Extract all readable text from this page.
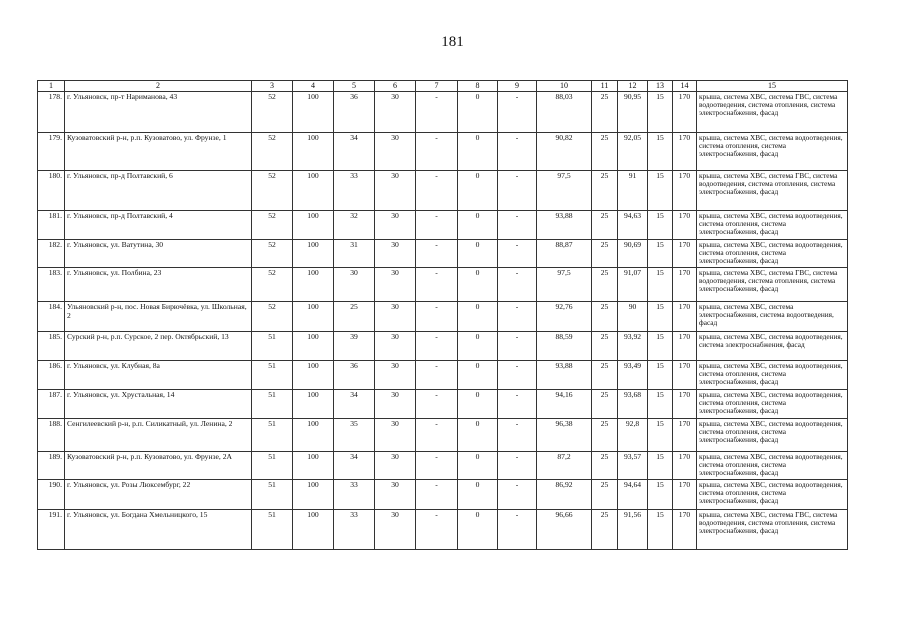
181
1	2	3	4	5	6	7	8	9	10	11	12	13	14	15
178.	г. Ульяновск, пр-т Нариманова, 43	52	100	36	30	-	0	-	88,03	25	90,95	15	170	крыша, система ХВС, система ГВС, система водоотведения, система отопления, система электроснабжения, фасад
179.	Кузоватовский р-н, р.п. Кузоватово, ул. Фрунзе, 1	52	100	34	30	-	0	-	90,82	25	92,05	15	170	крыша, система ХВС, система водоотведения, система отопления, система электроснабжения, фасад
180.	г. Ульяновск, пр-д Полтавский, 6	52	100	33	30	-	0	-	97,5	25	91	15	170	крыша, система ХВС, система ГВС, система водоотведения, система отопления, система электроснабжения, фасад
181.	г. Ульяновск, пр-д Полтавский, 4	52	100	32	30	-	0	-	93,88	25	94,63	15	170	крыша, система ХВС, система водоотведения, система отопления, система электроснабжения, фасад
182.	г. Ульяновск, ул. Ватутина, 30	52	100	31	30	-	0	-	88,87	25	90,69	15	170	крыша, система ХВС, система водоотведения, система отопления, система электроснабжения, фасад
183.	г. Ульяновск, ул. Полбина, 23	52	100	30	30	-	0	-	97,5	25	91,07	15	170	крыша, система ХВС, система ГВС, система водоотведения, система отопления, система электроснабжения, фасад
184.	Ульяновский р-н, пос. Новая Бирючёвка, ул. Школьная, 2	52	100	25	30	-	0	-	92,76	25	90	15	170	крыша, система ХВС, система электроснабжения, система водоотведения, фасад
185.	Сурский р-н, р.п. Сурское, 2 пер. Октябрьский, 13	51	100	39	30	-	0	-	88,59	25	93,92	15	170	крыша, система ХВС, система водоотведения, система электроснабжения, фасад
186.	г. Ульяновск, ул. Клубная, 8а	51	100	36	30	-	0	-	93,88	25	93,49	15	170	крыша, система ХВС, система водоотведения, система отопления, система электроснабжения, фасад
187.	г. Ульяновск, ул. Хрустальная, 14	51	100	34	30	-	0	-	94,16	25	93,68	15	170	крыша, система ХВС, система водоотведения, система отопления, система электроснабжения, фасад
188.	Сенгилеевский р-н, р.п. Силикатный, ул. Ленина, 2	51	100	35	30	-	0	-	96,38	25	92,8	15	170	крыша, система ХВС, система водоотведения, система отопления, система электроснабжения, фасад
189.	Кузоватовский р-н, р.п. Кузоватово, ул. Фрунзе, 2А	51	100	34	30	-	0	-	87,2	25	93,57	15	170	крыша, система ХВС, система водоотведения, система отопления, система электроснабжения, фасад
190.	г. Ульяновск, ул. Розы Люксембург, 22	51	100	33	30	-	0	-	86,92	25	94,64	15	170	крыша, система ХВС, система водоотведения, система отопления, система электроснабжения, фасад
191.	г. Ульяновск, ул. Богдана Хмельницкого, 15	51	100	33	30	-	0	-	96,66	25	91,56	15	170	крыша, система ХВС, система ГВС, система водоотведения, система отопления, система электроснабжения, фасад
